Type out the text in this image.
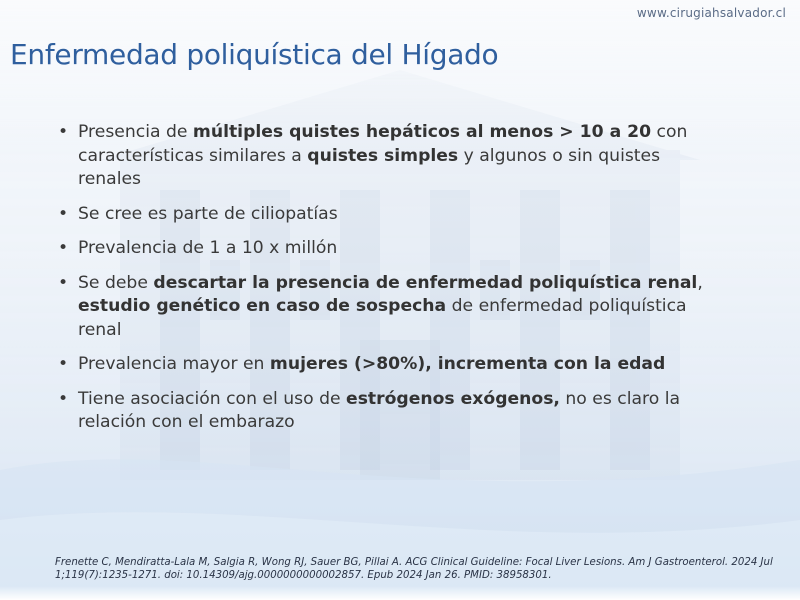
www.cirugiahsalvador.cl
Enfermedad poliquística del Hígado
• Presencia de múltiples quistes hepáticos al menos > 10 a 20 con características similares a quistes simples y algunos o sin quistes renales
• Se cree es parte de ciliopatías
• Prevalencia de 1 a 10 x millón
• Se debe descartar la presencia de enfermedad poliquística renal, estudio genético en caso de sospecha de enfermedad poliquística renal
• Prevalencia mayor en mujeres (>80%), incrementa con la edad
• Tiene asociación con el uso de estrógenos exógenos, no es claro la relación con el embarazo

Frenette C, Mendiratta-Lala M, Salgia R, Wong RJ, Sauer BG, Pillai A. ACG Clinical Guideline: Focal Liver Lesions. Am J Gastroenterol. 2024 Jul 1;119(7):1235-1271. doi: 10.14309/ajg.0000000000002857. Epub 2024 Jan 26. PMID: 38958301.
